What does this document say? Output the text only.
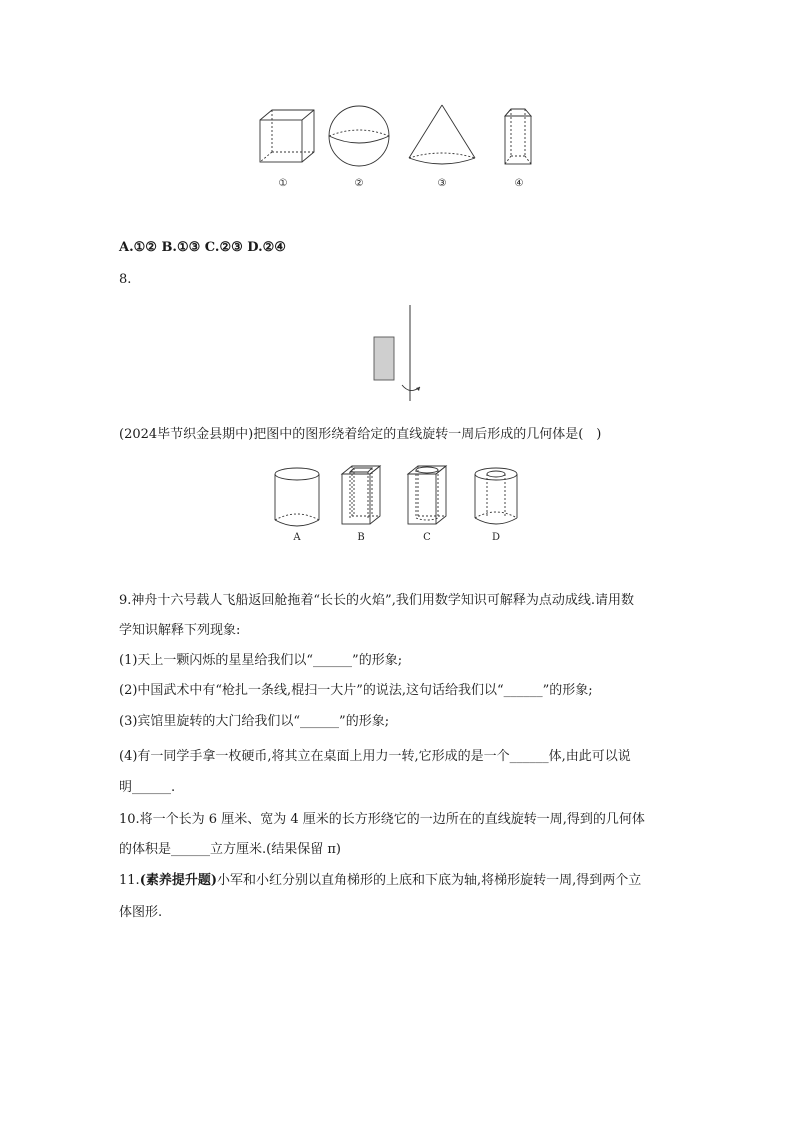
①	②	③	④
A.①② B.①③ C.②③ D.②④
8.
(2024毕节织金县期中)把图中的图形绕着给定的直线旋转一周后形成的几何体是(　)
A	B	C	D
9.神舟十六号载人飞船返回舱拖着“长长的火焰”,我们用数学知识可解释为点动成线.请用数
学知识解释下列现象:
(1)天上一颗闪烁的星星给我们以“______”的形象;
(2)中国武术中有“枪扎一条线,棍扫一大片”的说法,这句话给我们以“______”的形象;
(3)宾馆里旋转的大门给我们以“______”的形象;
(4)有一同学手拿一枚硬币,将其立在桌面上用力一转,它形成的是一个______体,由此可以说
明______.
10.将一个长为 6 厘米、宽为 4 厘米的长方形绕它的一边所在的直线旋转一周,得到的几何体
的体积是______立方厘米.(结果保留 π)
11.(素养提升题)小军和小红分别以直角梯形的上底和下底为轴,将梯形旋转一周,得到两个立
体图形.
